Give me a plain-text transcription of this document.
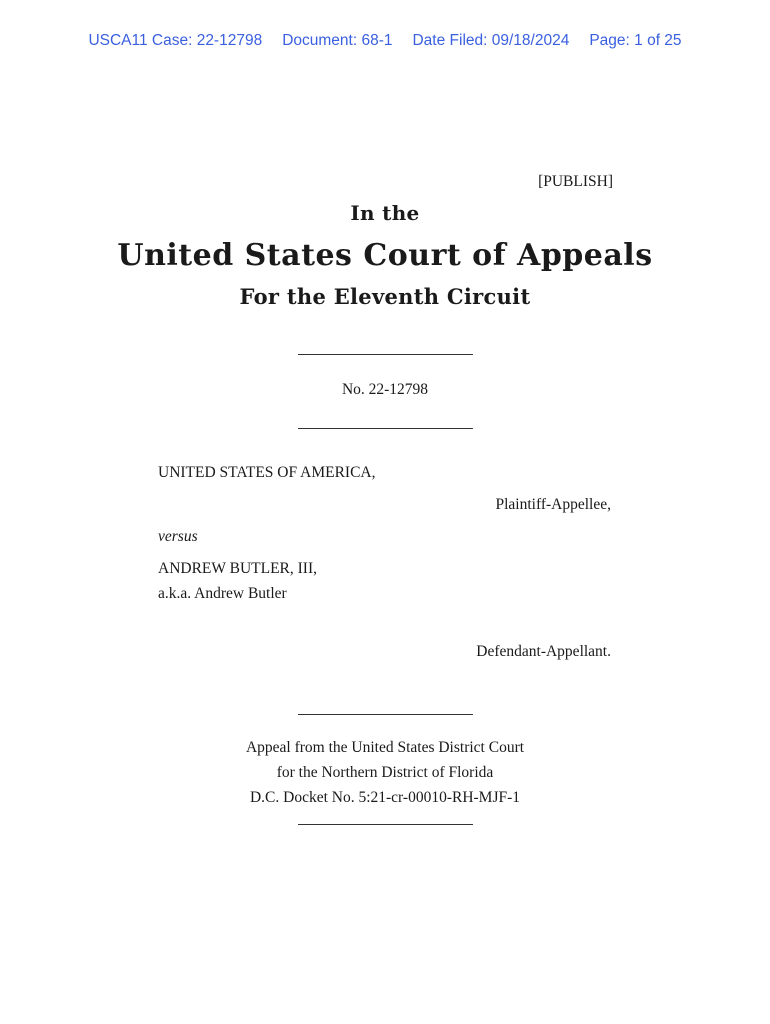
USCA11 Case: 22-12798 Document: 68-1 Date Filed: 09/18/2024 Page: 1 of 25
[PUBLISH]
In the
United States Court of Appeals
For the Eleventh Circuit
No. 22-12798
UNITED STATES OF AMERICA,
Plaintiff-Appellee,
versus
ANDREW BUTLER, III,
a.k.a. Andrew Butler
Defendant-Appellant.
Appeal from the United States District Court
for the Northern District of Florida
D.C. Docket No. 5:21-cr-00010-RH-MJF-1
